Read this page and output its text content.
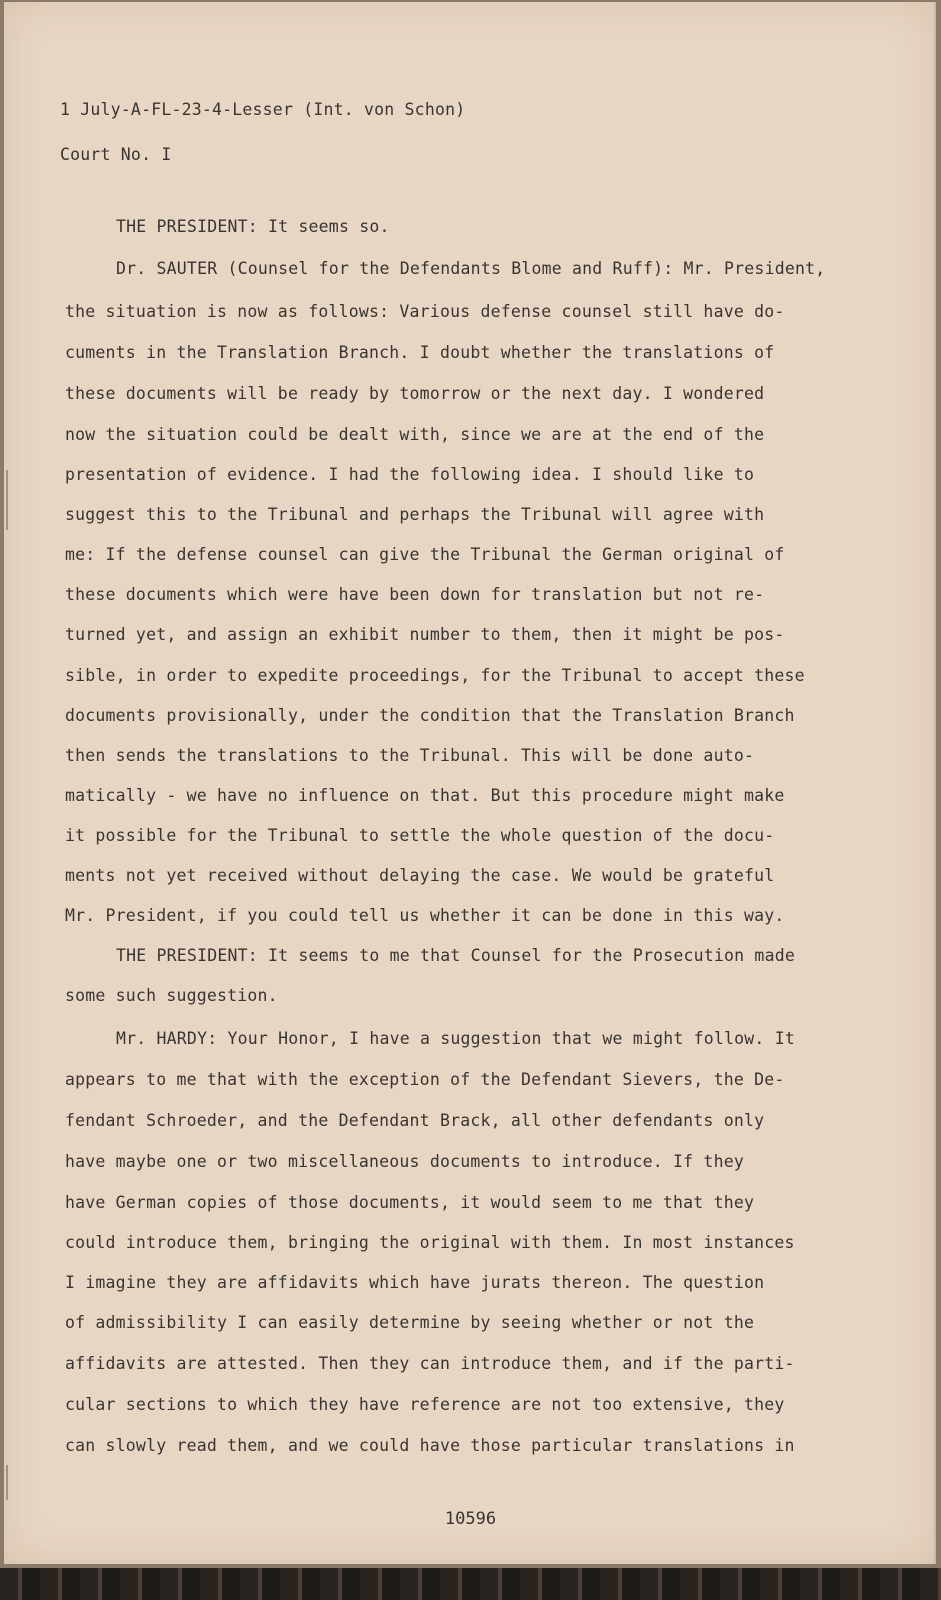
1 July-A-FL-23-4-Lesser (Int. von Schon)
Court No. I
THE PRESIDENT: It seems so.
Dr. SAUTER (Counsel for the Defendants Blome and Ruff): Mr. President,
the situation is now as follows: Various defense counsel still have do-
cuments in the Translation Branch. I doubt whether the translations of
these documents will be ready by tomorrow or the next day. I wondered
now the situation could be dealt with, since we are at the end of the
presentation of evidence. I had the following idea. I should like to
suggest this to the Tribunal and perhaps the Tribunal will agree with
me: If the defense counsel can give the Tribunal the German original of
these documents which were have been down for translation but not re-
turned yet, and assign an exhibit number to them, then it might be pos-
sible, in order to expedite proceedings, for the Tribunal to accept these
documents provisionally, under the condition that the Translation Branch
then sends the translations to the Tribunal. This will be done auto-
matically - we have no influence on that. But this procedure might make
it possible for the Tribunal to settle the whole question of the docu-
ments not yet received without delaying the case. We would be grateful
Mr. President, if you could tell us whether it can be done in this way.
THE PRESIDENT: It seems to me that Counsel for the Prosecution made
some such suggestion.
Mr. HARDY: Your Honor, I have a suggestion that we might follow. It
appears to me that with the exception of the Defendant Sievers, the De-
fendant Schroeder, and the Defendant Brack, all other defendants only
have maybe one or two miscellaneous documents to introduce. If they
have German copies of those documents, it would seem to me that they
could introduce them, bringing the original with them. In most instances
I imagine they are affidavits which have jurats thereon. The question
of admissibility I can easily determine by seeing whether or not the
affidavits are attested. Then they can introduce them, and if the parti-
cular sections to which they have reference are not too extensive, they
can slowly read them, and we could have those particular translations in
10596
